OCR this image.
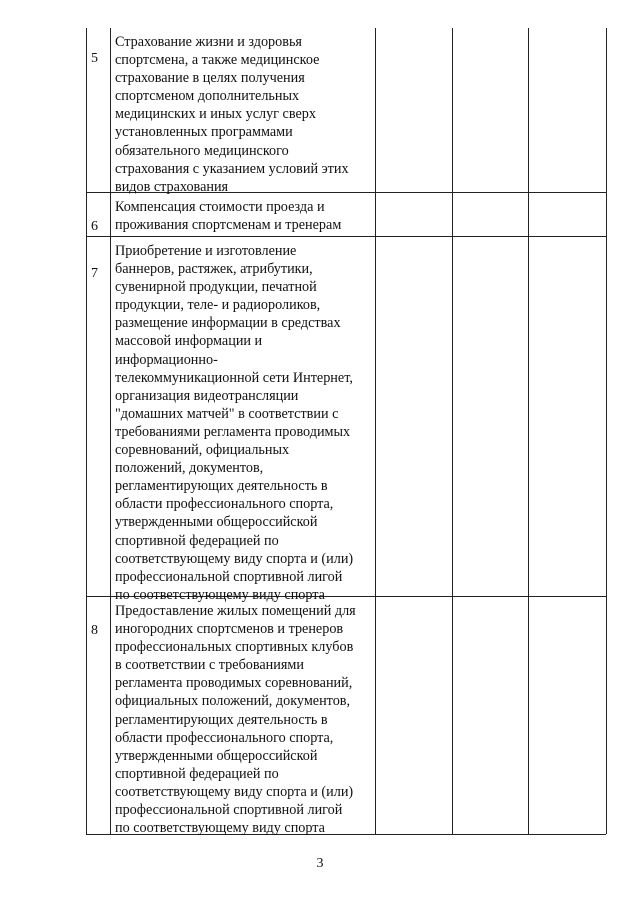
5
Страхование жизни и здоровья
спортсмена, а также медицинское
страхование в целях получения
спортсменом дополнительных
медицинских и иных услуг сверх
установленных программами
обязательного медицинского
страхования с указанием условий этих
видов страхования
6
Компенсация стоимости проезда и
проживания спортсменам и тренерам
7
Приобретение и изготовление
баннеров, растяжек, атрибутики,
сувенирной продукции, печатной
продукции, теле- и радиороликов,
размещение информации в средствах
массовой информации и
информационно-
телекоммуникационной сети Интернет,
организация видеотрансляции
"домашних матчей" в соответствии с
требованиями регламента проводимых
соревнований, официальных
положений, документов,
регламентирующих деятельность в
области профессионального спорта,
утвержденными общероссийской
спортивной федерацией по
соответствующему виду спорта и (или)
профессиональной спортивной лигой
по соответствующему виду спорта
8
Предоставление жилых помещений для
иногородних спортсменов и тренеров
профессиональных спортивных клубов
в соответствии с требованиями
регламента проводимых соревнований,
официальных положений, документов,
регламентирующих деятельность в
области профессионального спорта,
утвержденными общероссийской
спортивной федерацией по
соответствующему виду спорта и (или)
профессиональной спортивной лигой
по соответствующему виду спорта
3
